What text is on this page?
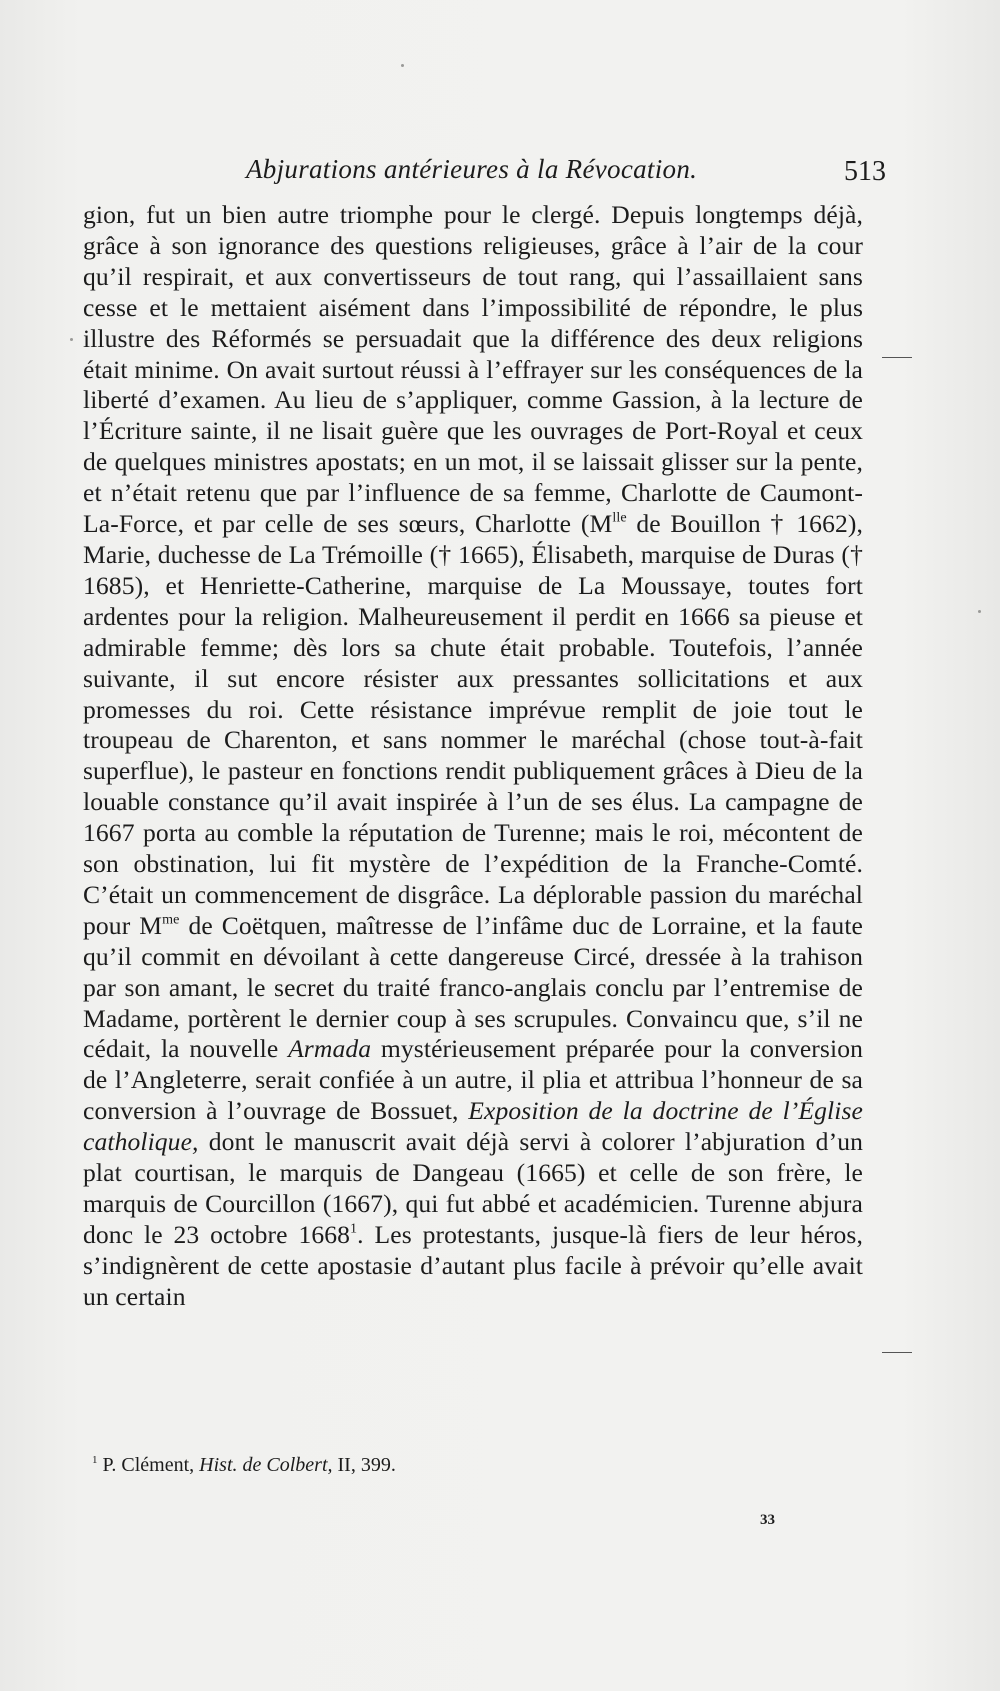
Abjurations antérieures à la Révocation.	513

gion, fut un bien autre triomphe pour le clergé. Depuis longtemps déjà, grâce à son ignorance des questions religieuses, grâce à l’air de la cour qu’il respirait, et aux convertisseurs de tout rang, qui l’assaillaient sans cesse et le mettaient aisément dans l’impossibilité de répondre, le plus illustre des Réformés se persuadait que la différence des deux religions était minime. On avait surtout réussi à l’effrayer sur les conséquences de la liberté d’examen. Au lieu de s’appliquer, comme Gassion, à la lecture de l’Écriture sainte, il ne lisait guère que les ouvrages de Port-Royal et ceux de quelques ministres apostats; en un mot, il se laissait glisser sur la pente, et n’était retenu que par l’influence de sa femme, Charlotte de Caumont-La-Force, et par celle de ses sœurs, Charlotte ($M^{lle}$ de Bouillon † 1662), Marie, duchesse de La Trémoille († 1665), Élisabeth, marquise de Duras († 1685), et Henriette-Catherine, marquise de La Moussaye, toutes fort ardentes pour la religion. Malheureusement il perdit en 1666 sa pieuse et admirable femme; dès lors sa chute était probable. Toutefois, l’année suivante, il sut encore résister aux pressantes sollicitations et aux promesses du roi. Cette résistance imprévue remplit de joie tout le troupeau de Charenton, et sans nommer le maréchal (chose tout-à-fait superflue), le pasteur en fonctions rendit publiquement grâces à Dieu de la louable constance qu’il avait inspirée à l’un de ses élus. La campagne de 1667 porta au comble la réputation de Turenne; mais le roi, mécontent de son obstination, lui fit mystère de l’expédition de la Franche-Comté. C’était un commencement de disgrâce. La déplorable passion du maréchal pour $M^{me}$ de Coëtquen, maîtresse de l’infâme duc de Lorraine, et la faute qu’il commit en dévoilant à cette dangereuse Circé, dressée à la trahison par son amant, le secret du traité franco-anglais conclu par l’entremise de Madame, portèrent le dernier coup à ses scrupules. Convaincu que, s’il ne cédait, la nouvelle Armada mystérieusement préparée pour la conversion de l’Angleterre, serait confiée à un autre, il plia et attribua l’honneur de sa conversion à l’ouvrage de Bossuet, Exposition de la doctrine de l’Église catholique, dont le manuscrit avait déjà servi à colorer l’abjuration d’un plat courtisan, le marquis de Dangeau (1665) et celle de son frère, le marquis de Courcillon (1667), qui fut abbé et académicien. Turenne abjura donc le 23 octobre 1668$^1$. Les protestants, jusque-là fiers de leur héros, s’indignèrent de cette apostasie d’autant plus facile à prévoir qu’elle avait un certain

$^1$ P. Clément, Hist. de Colbert, II, 399.
33
